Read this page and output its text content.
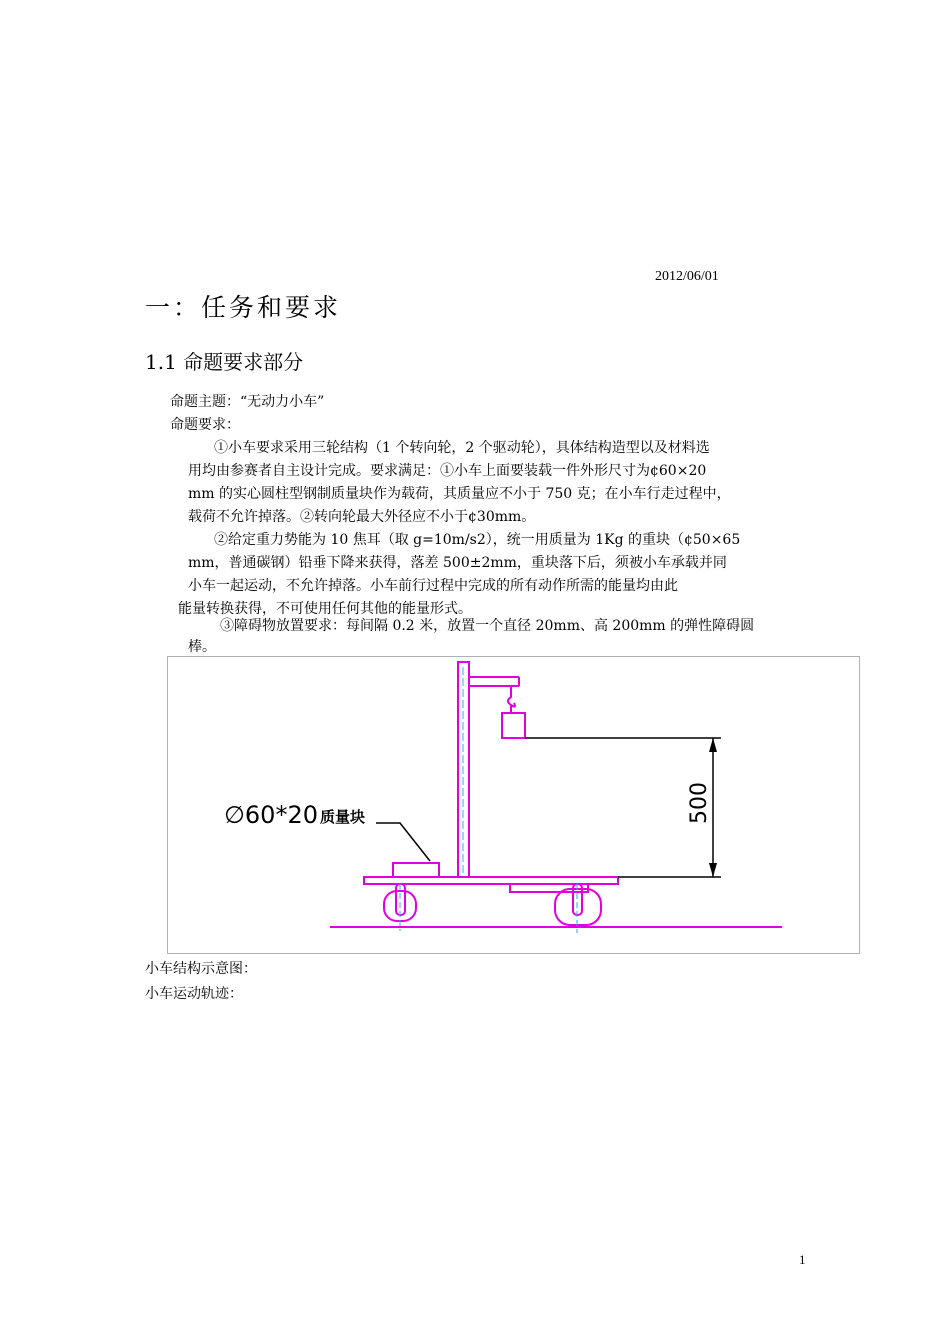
2012/06/01
一：任务和要求
1.1 命题要求部分
命题主题：“无动力小车”
命题要求：
①小车要求采用三轮结构（1 个转向轮，2 个驱动轮），具体结构造型以及材料选
用均由参赛者自主设计完成。要求满足：①小车上面要装载一件外形尺寸为¢60×20
mm 的实心圆柱型钢制质量块作为载荷，其质量应不小于 750 克；在小车行走过程中，
载荷不允许掉落。②转向轮最大外径应不小于¢30mm。
②给定重力势能为 10 焦耳（取 g=10m/s2），统一用质量为 1Kg 的重块（¢50×65
mm，普通碳钢）铅垂下降来获得，落差 500±2mm，重块落下后，须被小车承载并同
小车一起运动，不允许掉落。小车前行过程中完成的所有动作所需的能量均由此
能量转换获得，不可使用任何其他的能量形式。
③障碍物放置要求：每间隔 0.2 米，放置一个直径 20mm、高 200mm 的弹性障碍圆
棒。
500
∅60*20 质量块
小车结构示意图：
小车运动轨迹：
1
